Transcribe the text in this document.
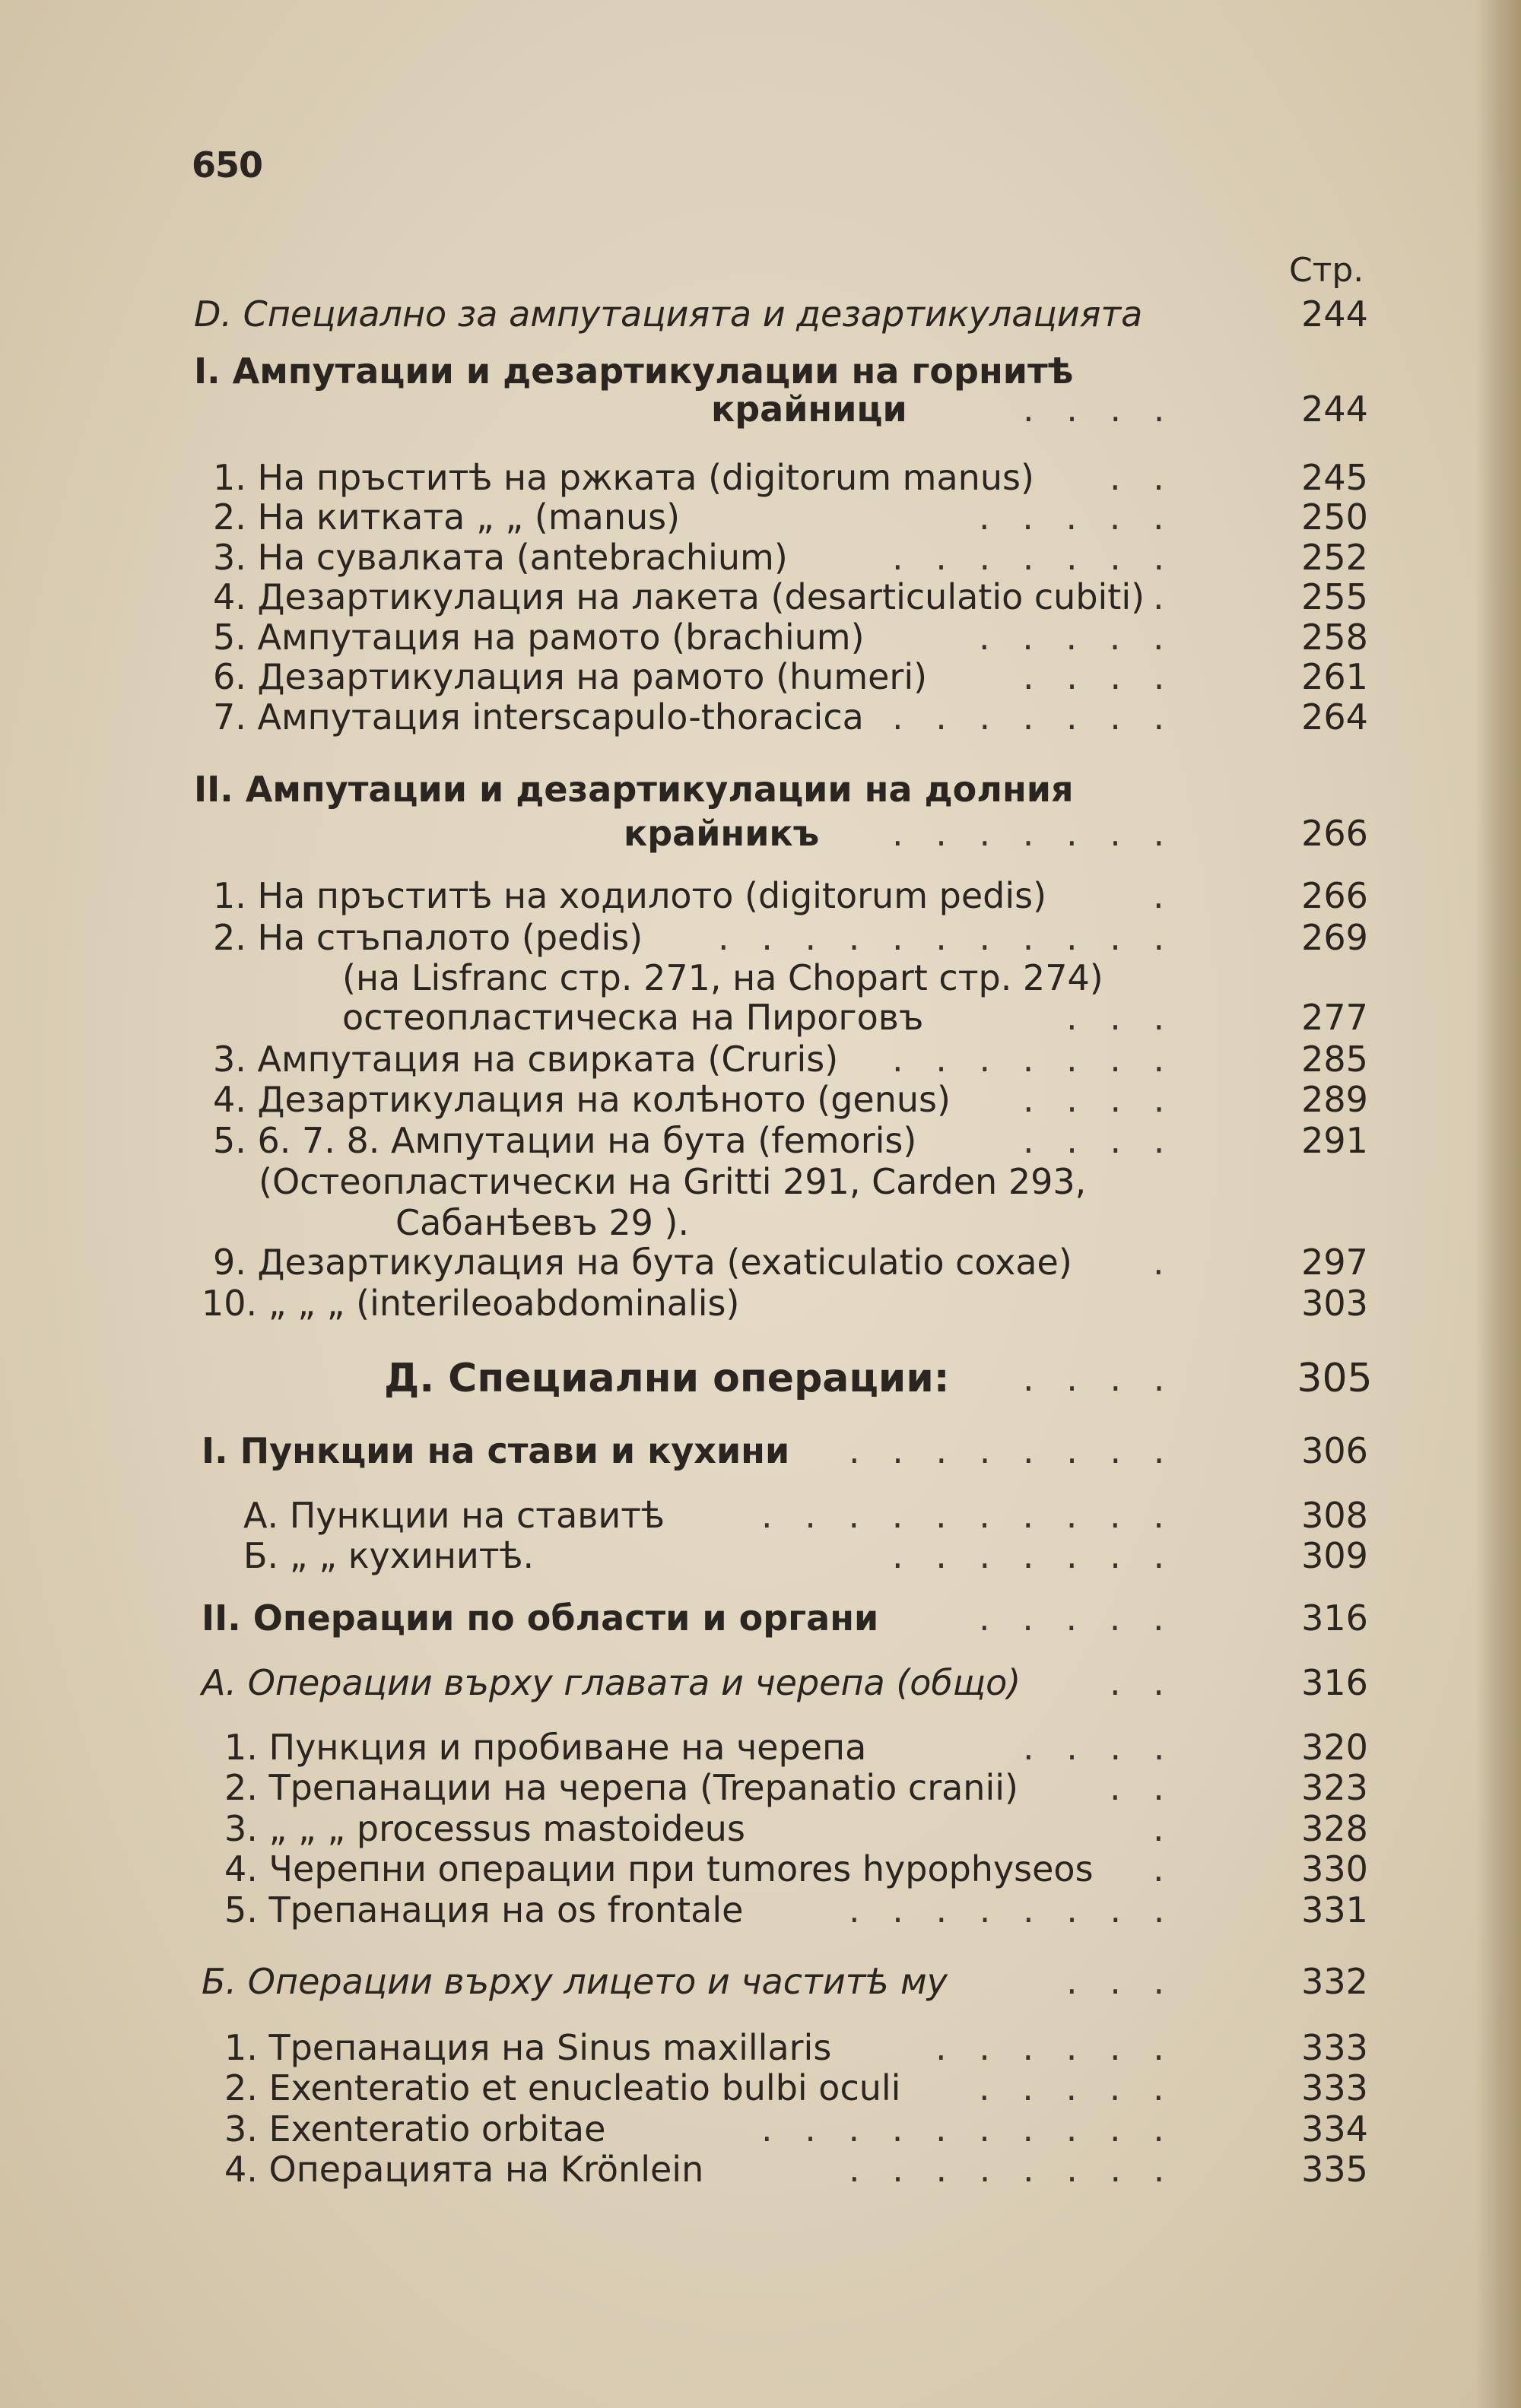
650
Стр.
D. Специално за ампутацията и дезартикулацията	244
I. Ампутации и дезартикулации на горнитѣ
крайници	. . . .	244
1. На пръститѣ на ржката (digitorum manus) . .	245
2. На китката „ „ (manus)	. . . . .	250
3. На сувалката (antebrachium)	. . . . . . .	252
4. Дезартикулация на лакета (desarticulatio cubiti) .	255
5. Ампутация на рамото (brachium)	. . . . .	258
6. Дезартикулация на рамото (humeri)	. . . .	261
7. Ампутация interscapulo-thoracica . . . . . . .	264
II. Ампутации и дезартикулации на долния
крайникъ . . . . . . .	266
1. На пръститѣ на ходилото (digitorum pedis)	.	266
2. На стъпалото (pedis) . . . . . . . . . . .	269
(на Lisfranc стр. 271, на Chopart стр. 274)
остеопластическа на Пироговъ	. . .	277
3. Ампутация на свирката (Cruris) . . . . . . .	285
4. Дезартикулация на колѣното (genus) . . . .	289
5. 6. 7. 8. Ампутации на бута (femoris)	. . . .	291
(Остеопластически на Gritti 291, Carden 293,
Сабанѣевъ 29 ).
9. Дезартикулация на бута (exaticulatio coxae) .	297
10. „ „ „ (interileoabdominalis)	303
Д. Специални операции: . . . .	305
I. Пункции на стави и кухини . . . . . . . .	306
А. Пункции на ставитѣ	. . . . . . . . . .	308
Б. „ „ кухинитѣ.	. . . . . . .	309
II. Операции по области и органи	. . . . .	316
А. Операции върху главата и черепа (общо)	. .	316
1. Пункция и пробиване на черепа	. . . .	320
2. Трепанации на черепа (Trepanatio cranii)	. .	323
3. „ „ „ processus mastoideus	.	328
4. Черепни операции при tumores hypophyseos .	330
5. Трепанация на os frontale	. . . . . . . .	331
Б. Операции върху лицето и частитѣ му	. . .	332
1. Трепанация на Sinus maxillaris	. . . . . .	333
2. Exenteratio et enucleatio bulbi oculi . . . . .	333
3. Exenteratio orbitae	. . . . . . . . . .	334
4. Операцията на Krönlein	. . . . . . . .	335
